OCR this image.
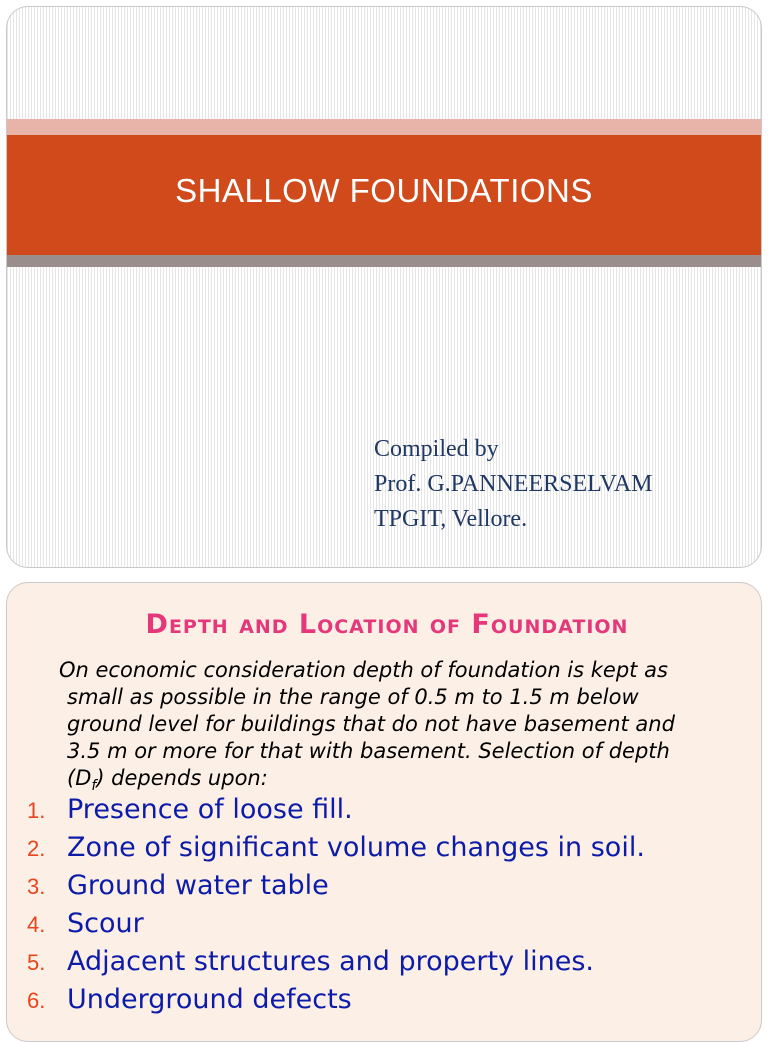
SHALLOW FOUNDATIONS
Compiled by
Prof. G.PANNEERSELVAM
TPGIT, Vellore.
Depth and Location of Foundation
On economic consideration depth of foundation is kept as

small as possible in the range of 0.5 m to 1.5 m below
ground level for buildings that do not have basement and
3.5 m or more for that with basement. Selection of depth
$(D_f)$ depends upon:
1. Presence of loose fill.
2. Zone of significant volume changes in soil.
3. Ground water table
4. Scour
5. Adjacent structures and property lines.
6. Underground defects
